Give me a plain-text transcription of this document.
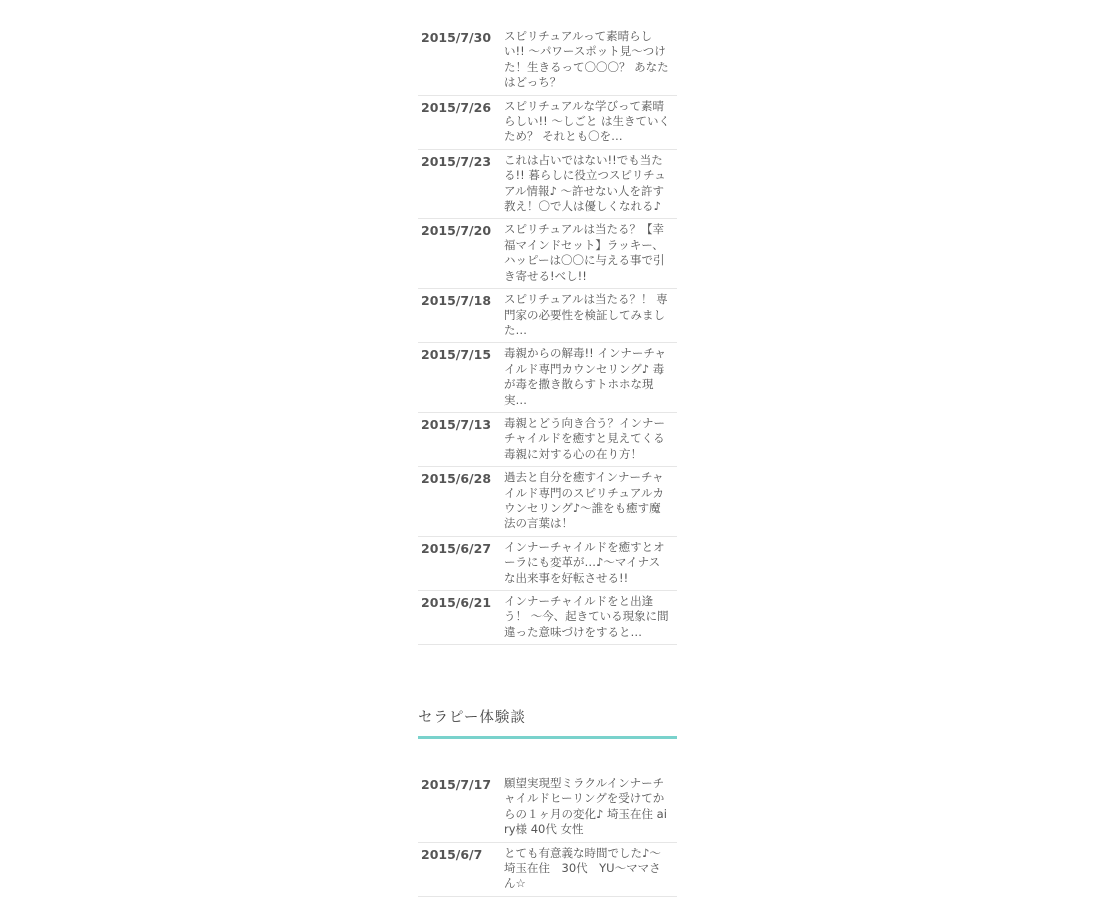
2015/7/30	スピリチュアルって素晴らしい!! ～パワースポット見～つけた！生きるって〇〇〇？ あなたはどっち？
2015/7/26	スピリチュアルな学びって素晴らしい!! ～しごと は生きていくため？ それとも〇を…
2015/7/23	これは占いではない!!でも当たる!! 暮らしに役立つスピリチュアル情報♪ ～許せない人を許す教え！〇で人は優しくなれる♪
2015/7/20	スピリチュアルは当たる？【幸福マインドセット】ラッキー、ハッピーは〇〇に与える事で引き寄せる!べし!!
2015/7/18	スピリチュアルは当たる？！ 専門家の必要性を検証してみました…
2015/7/15	毒親からの解毒!! インナーチャイルド専門カウンセリング♪ 毒が毒を撒き散らすトホホな現実…
2015/7/13	毒親とどう向き合う？インナーチャイルドを癒すと見えてくる毒親に対する心の在り方！
2015/6/28	過去と自分を癒すインナーチャイルド専門のスピリチュアルカウンセリング♪～誰をも癒す魔法の言葉は！
2015/6/27	インナーチャイルドを癒すとオーラにも変革が…♪～マイナスな出来事を好転させる!!
2015/6/21	インナーチャイルドをと出逢う！ ～今、起きている現象に間違った意味づけをすると…
セラピー体験談
2015/7/17	願望実現型ミラクルインナーチャイルドヒーリングを受けてからの１ヶ月の変化♪ 埼玉在住 airy様 40代 女性
2015/6/7	とても有意義な時間でした♪～埼玉在住　30代　YU～ママさん☆
